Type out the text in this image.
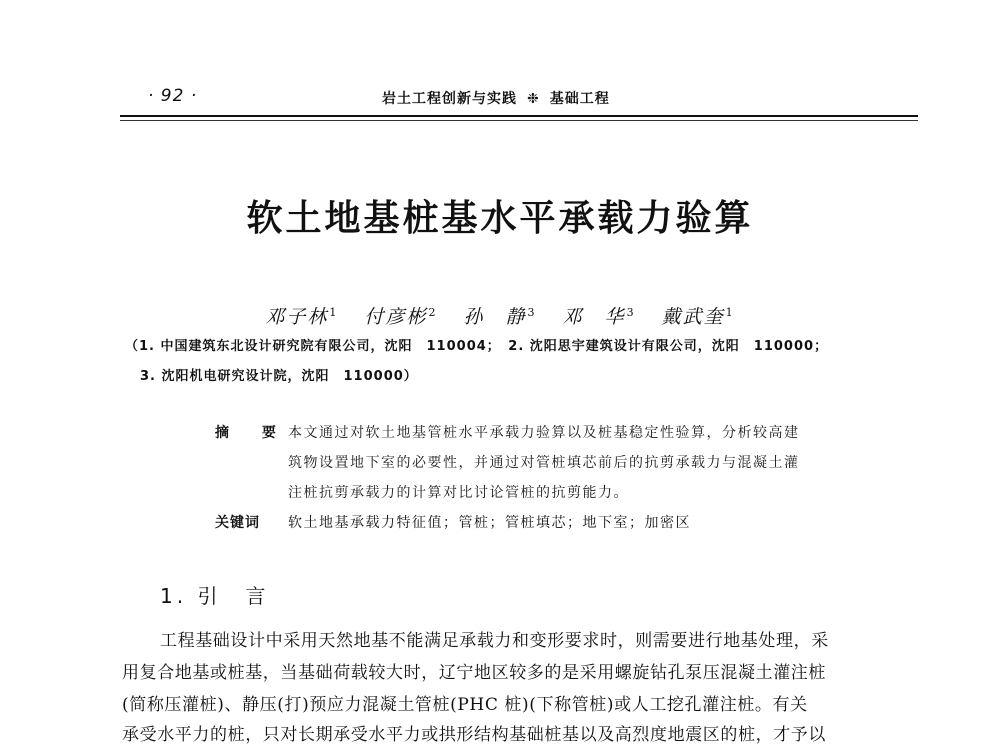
· 92 ·	岩土工程创新与实践 ❉ 基础工程
软土地基桩基水平承载力验算
邓子林$^1$ 付彦彬$^2$ 孙　静$^3$ 邓　华$^3$ 戴武奎$^1$
（1. 中国建筑东北设计研究院有限公司，沈阳　110004；　2. 沈阳思宇建筑设计有限公司，沈阳　110000；
3. 沈阳机电研究设计院，沈阳　110000）
摘 要
本文通过对软土地基管桩水平承载力验算以及桩基稳定性验算，分析较高建
筑物设置地下室的必要性，并通过对管桩填芯前后的抗剪承载力与混凝土灌
注桩抗剪承载力的计算对比讨论管桩的抗剪能力。
关键词 软土地基承载力特征值；管桩；管桩填芯；地下室；加密区
1. 引　言
工程基础设计中采用天然地基不能满足承载力和变形要求时，则需要进行地基处理，采
用复合地基或桩基，当基础荷载较大时，辽宁地区较多的是采用螺旋钻孔泵压混凝土灌注桩
(简称压灌桩)、静压(打)预应力混凝土管桩(PHC 桩)(下称管桩)或人工挖孔灌注桩。有关
承受水平力的桩，只对长期承受水平力或拱形结构基础桩基以及高烈度地震区的桩，才予以
